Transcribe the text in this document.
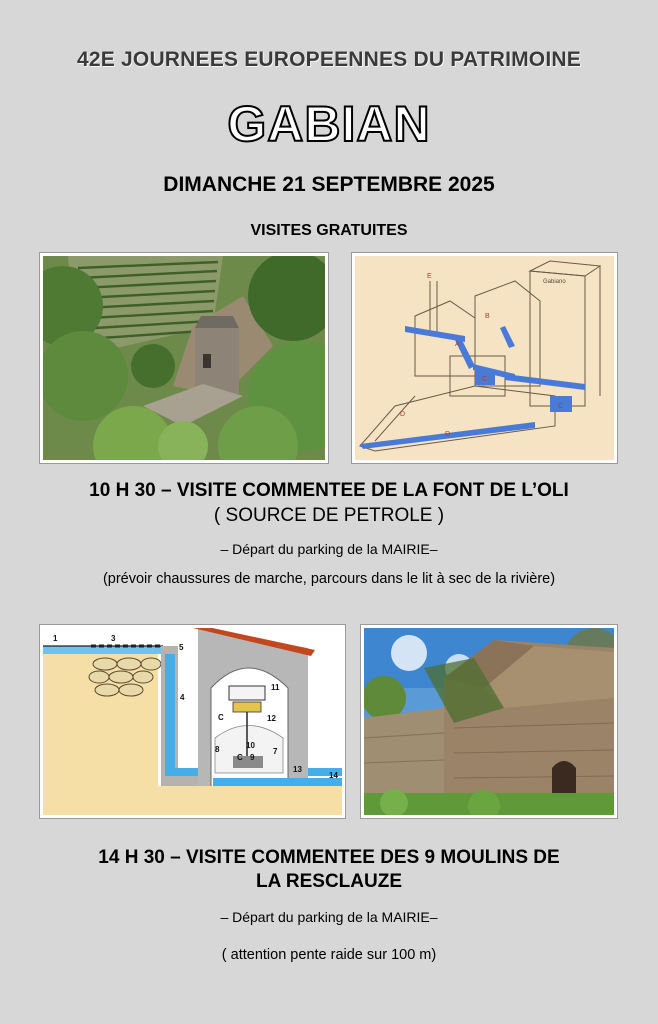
42E JOURNEES EUROPEENNES DU PATRIMOINE
GABIAN
DIMANCHE 21 SEPTEMBRE 2025
VISITES GRATUITES
Gabiano
A
B
C
C
D
D
E
10 H 30 – VISITE COMMENTEE DE LA FONT DE L’OLI
( SOURCE DE PETROLE )
– Départ du parking de la MAIRIE–
(prévoir chaussures de marche, parcours dans le lit à sec de la rivière)
1	3
5
4
11
12
10
8
9
7
13
14
C
C
14 H 30 – VISITE COMMENTEE DES 9 MOULINS DE
LA RESCLAUZE
– Départ du parking de la MAIRIE–
( attention pente raide sur 100 m)
